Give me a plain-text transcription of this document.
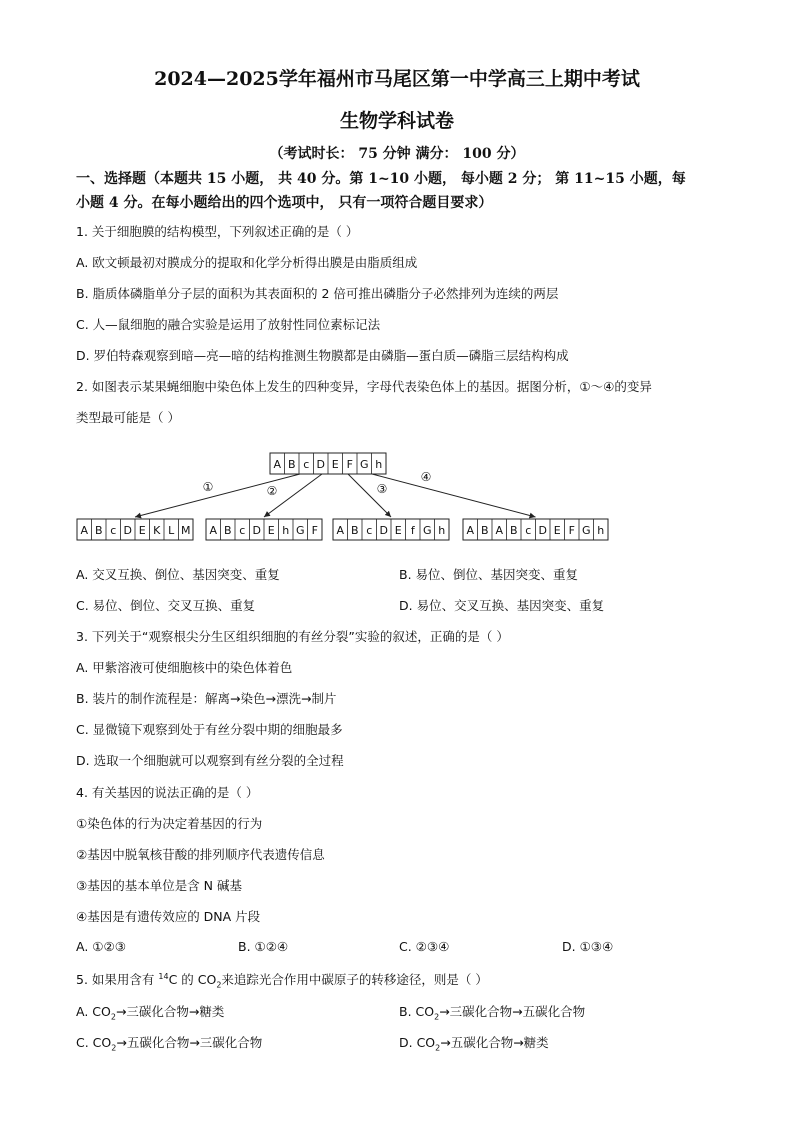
2024—2025学年福州市马尾区第一中学高三上期中考试
生物学科试卷
（考试时长： 75 分钟 满分： 100 分）
一、选择题（本题共 15 小题， 共 40 分。第 1~10 小题， 每小题 2 分； 第 11~15 小题，每
小题 4 分。在每小题给出的四个选项中， 只有一项符合题目要求）
1. 关于细胞膜的结构模型，下列叙述正确的是（ ）
A. 欧文顿最初对膜成分的提取和化学分析得出膜是由脂质组成
B. 脂质体磷脂单分子层的面积为其表面积的 2 倍可推出磷脂分子必然排列为连续的两层
C. 人—鼠细胞的融合实验是运用了放射性同位素标记法
D. 罗伯特森观察到暗—亮—暗的结构推测生物膜都是由磷脂—蛋白质—磷脂三层结构构成
2. 如图表示某果蝇细胞中染色体上发生的四种变异，字母代表染色体上的基因。据图分析，①～④的变异
类型最可能是（ ）
A B c D E F G h
A B c D E K L M A B c D E h G F A B c D E f G h A B A B c D E F G h
①	②	③
④
A. 交叉互换、倒位、基因突变、重复	B. 易位、倒位、基因突变、重复
C. 易位、倒位、交叉互换、重复	D. 易位、交叉互换、基因突变、重复
3. 下列关于“观察根尖分生区组织细胞的有丝分裂”实验的叙述，正确的是（ ）
A. 甲紫溶液可使细胞核中的染色体着色
B. 装片的制作流程是：解离→染色→漂洗→制片
C. 显微镜下观察到处于有丝分裂中期的细胞最多
D. 选取一个细胞就可以观察到有丝分裂的全过程
4. 有关基因的说法正确的是（ ）
①染色体的行为决定着基因的行为
②基因中脱氧核苷酸的排列顺序代表遗传信息
③基因的基本单位是含 N 碱基
④基因是有遗传效应的 DNA 片段
A. ①②③	B. ①②④	C. ②③④	D. ①③④
5. 如果用含有 $^{14}$C 的 $CO_2$来追踪光合作用中碳原子的转移途径，则是（ ）
A. $CO_2\to$三碳化合物→糖类	B. $CO_2\to$三碳化合物→五碳化合物
C. $CO_2\to$五碳化合物→三碳化合物	D. $CO_2\to$五碳化合物→糖类
